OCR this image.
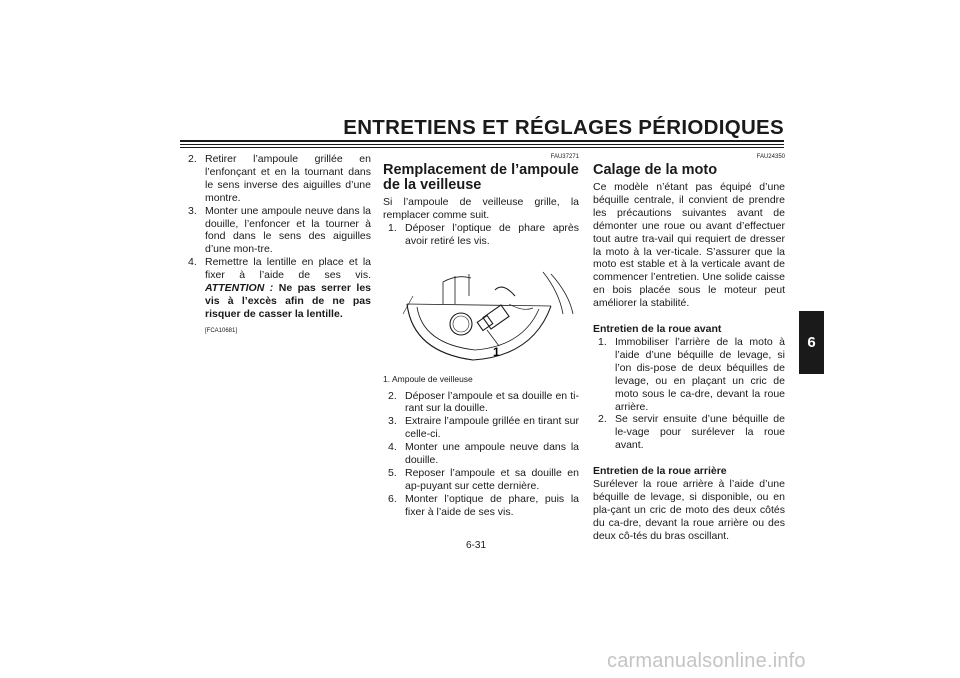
ENTRETIENS ET RÉGLAGES PÉRIODIQUES
6
2. Retirer l’ampoule grillée en l’enfonçant et en la tournant dans le sens inverse des aiguilles d’une montre.
3. Monter une ampoule neuve dans la douille, l’enfoncer et la tourner à fond dans le sens des aiguilles d’une mon-tre.
4. Remettre la lentille en place et la fixer à l’aide de ses vis. ATTENTION : Ne pas serrer les vis à l’excès afin de ne pas risquer de casser la lentille.
[FCA10681]
FAU37271
Remplacement de l’ampoule de la veilleuse

Si l’ampoule de veilleuse grille, la remplacer comme suit.

1. Déposer l’optique de phare après avoir retiré les vis.
1
1. Ampoule de veilleuse
2. Déposer l’ampoule et sa douille en ti-rant sur la douille.
3. Extraire l’ampoule grillée en tirant sur celle-ci.
4. Monter une ampoule neuve dans la douille.
5. Reposer l’ampoule et sa douille en ap-puyant sur cette dernière.
6. Monter l’optique de phare, puis la fixer à l’aide de ses vis.
FAU24350
Calage de la moto

Ce modèle n’étant pas équipé d’une béquille centrale, il convient de prendre les précautions suivantes avant de démonter une roue ou avant d’effectuer tout autre tra-vail qui requiert de dresser la moto à la ver-ticale. S’assurer que la moto est stable et à la verticale avant de commencer l’entretien. Une solide caisse en bois placée sous le moteur peut améliorer la stabilité.

Entretien de la roue avant
1. Immobiliser l’arrière de la moto à l’aide d’une béquille de levage, si l’on dis-pose de deux béquilles de levage, ou en plaçant un cric de moto sous le ca-dre, devant la roue arrière.
2. Se servir ensuite d’une béquille de le-vage pour surélever la roue avant.
Entretien de la roue arrière

Surélever la roue arrière à l’aide d’une béquille de levage, si disponible, ou en pla-çant un cric de moto des deux côtés du ca-dre, devant la roue arrière ou des deux cô-tés du bras oscillant.

6-31
carmanualsonline.info
